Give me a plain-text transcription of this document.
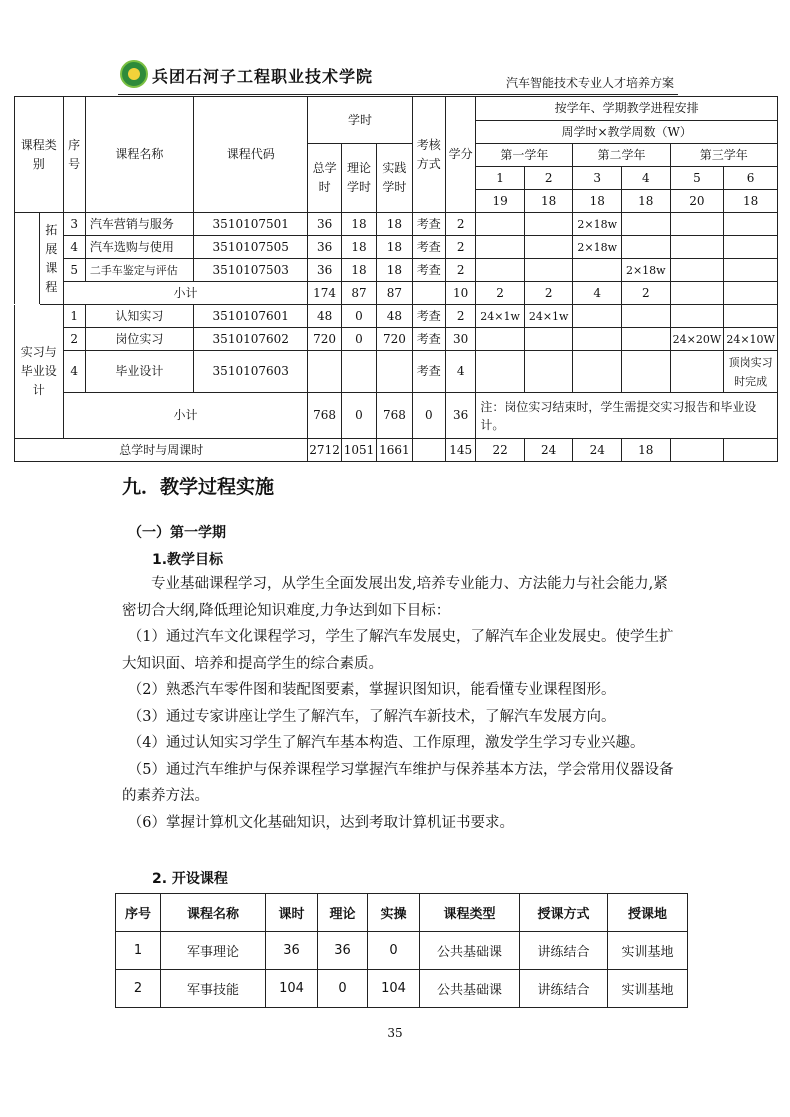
兵团石河子工程职业技术学院	汽车智能技术专业人才培养方案
课程类别		序号	课程名称	课程代码	学时			考核方式	学分	按学年、学期教学进程安排					
										周学时×教学周数（W）					
					总学时	理论学时	实践学时			第一学年		第二学年		第三学年	
										1	2	3	4	5	6
										19	18	18	18	20	18
	拓展课程	3	汽车营销与服务	3510107501	36	18	18	考查	2			2×18w			
		4	汽车选购与使用	3510107505	36	18	18	考查	2			2×18w			
		5	二手车鉴定与评估	3510107503	36	18	18	考查	2				2×18w		
		小计			174	87	87		10	2	2	4	2		
实习与毕业设计		1	认知实习	3510107601	48	0	48	考查	2	24×1w	24×1w				
		2	岗位实习	3510107602	720	0	720	考查	30					24×20W	24×10W
		4	毕业设计	3510107603				考查	4						顶岗实习时完成
		小计			768	0	768	0	36	注：岗位实习结束时，学生需提交实习报告和毕业设计。					
总学时与周课时					2712	1051	1661		145	22	24	24	18		
九．教学过程实施
（一）第一学期
1.教学目标

专业基础课程学习，从学生全面发展出发,培养专业能力、方法能力与社会能力,紧密切合大纲,降低理论知识难度,力争达到如下目标：

（1）通过汽车文化课程学习，学生了解汽车发展史，了解汽车企业发展史。使学生扩大知识面、培养和提高学生的综合素质。

（2）熟悉汽车零件图和装配图要素，掌握识图知识，能看懂专业课程图形。

（3）通过专家讲座让学生了解汽车，了解汽车新技术，了解汽车发展方向。

（4）通过认知实习学生了解汽车基本构造、工作原理，激发学生学习专业兴趣。

（5）通过汽车维护与保养课程学习掌握汽车维护与保养基本方法，学会常用仪器设备的素养方法。

（6）掌握计算机文化基础知识，达到考取计算机证书要求。

2. 开设课程
序号	课程名称	课时	理论	实操	课程类型	授课方式	授课地
1	军事理论	36	36	0	公共基础课	讲练结合	实训基地
2	军事技能	104	0	104	公共基础课	讲练结合	实训基地
35
